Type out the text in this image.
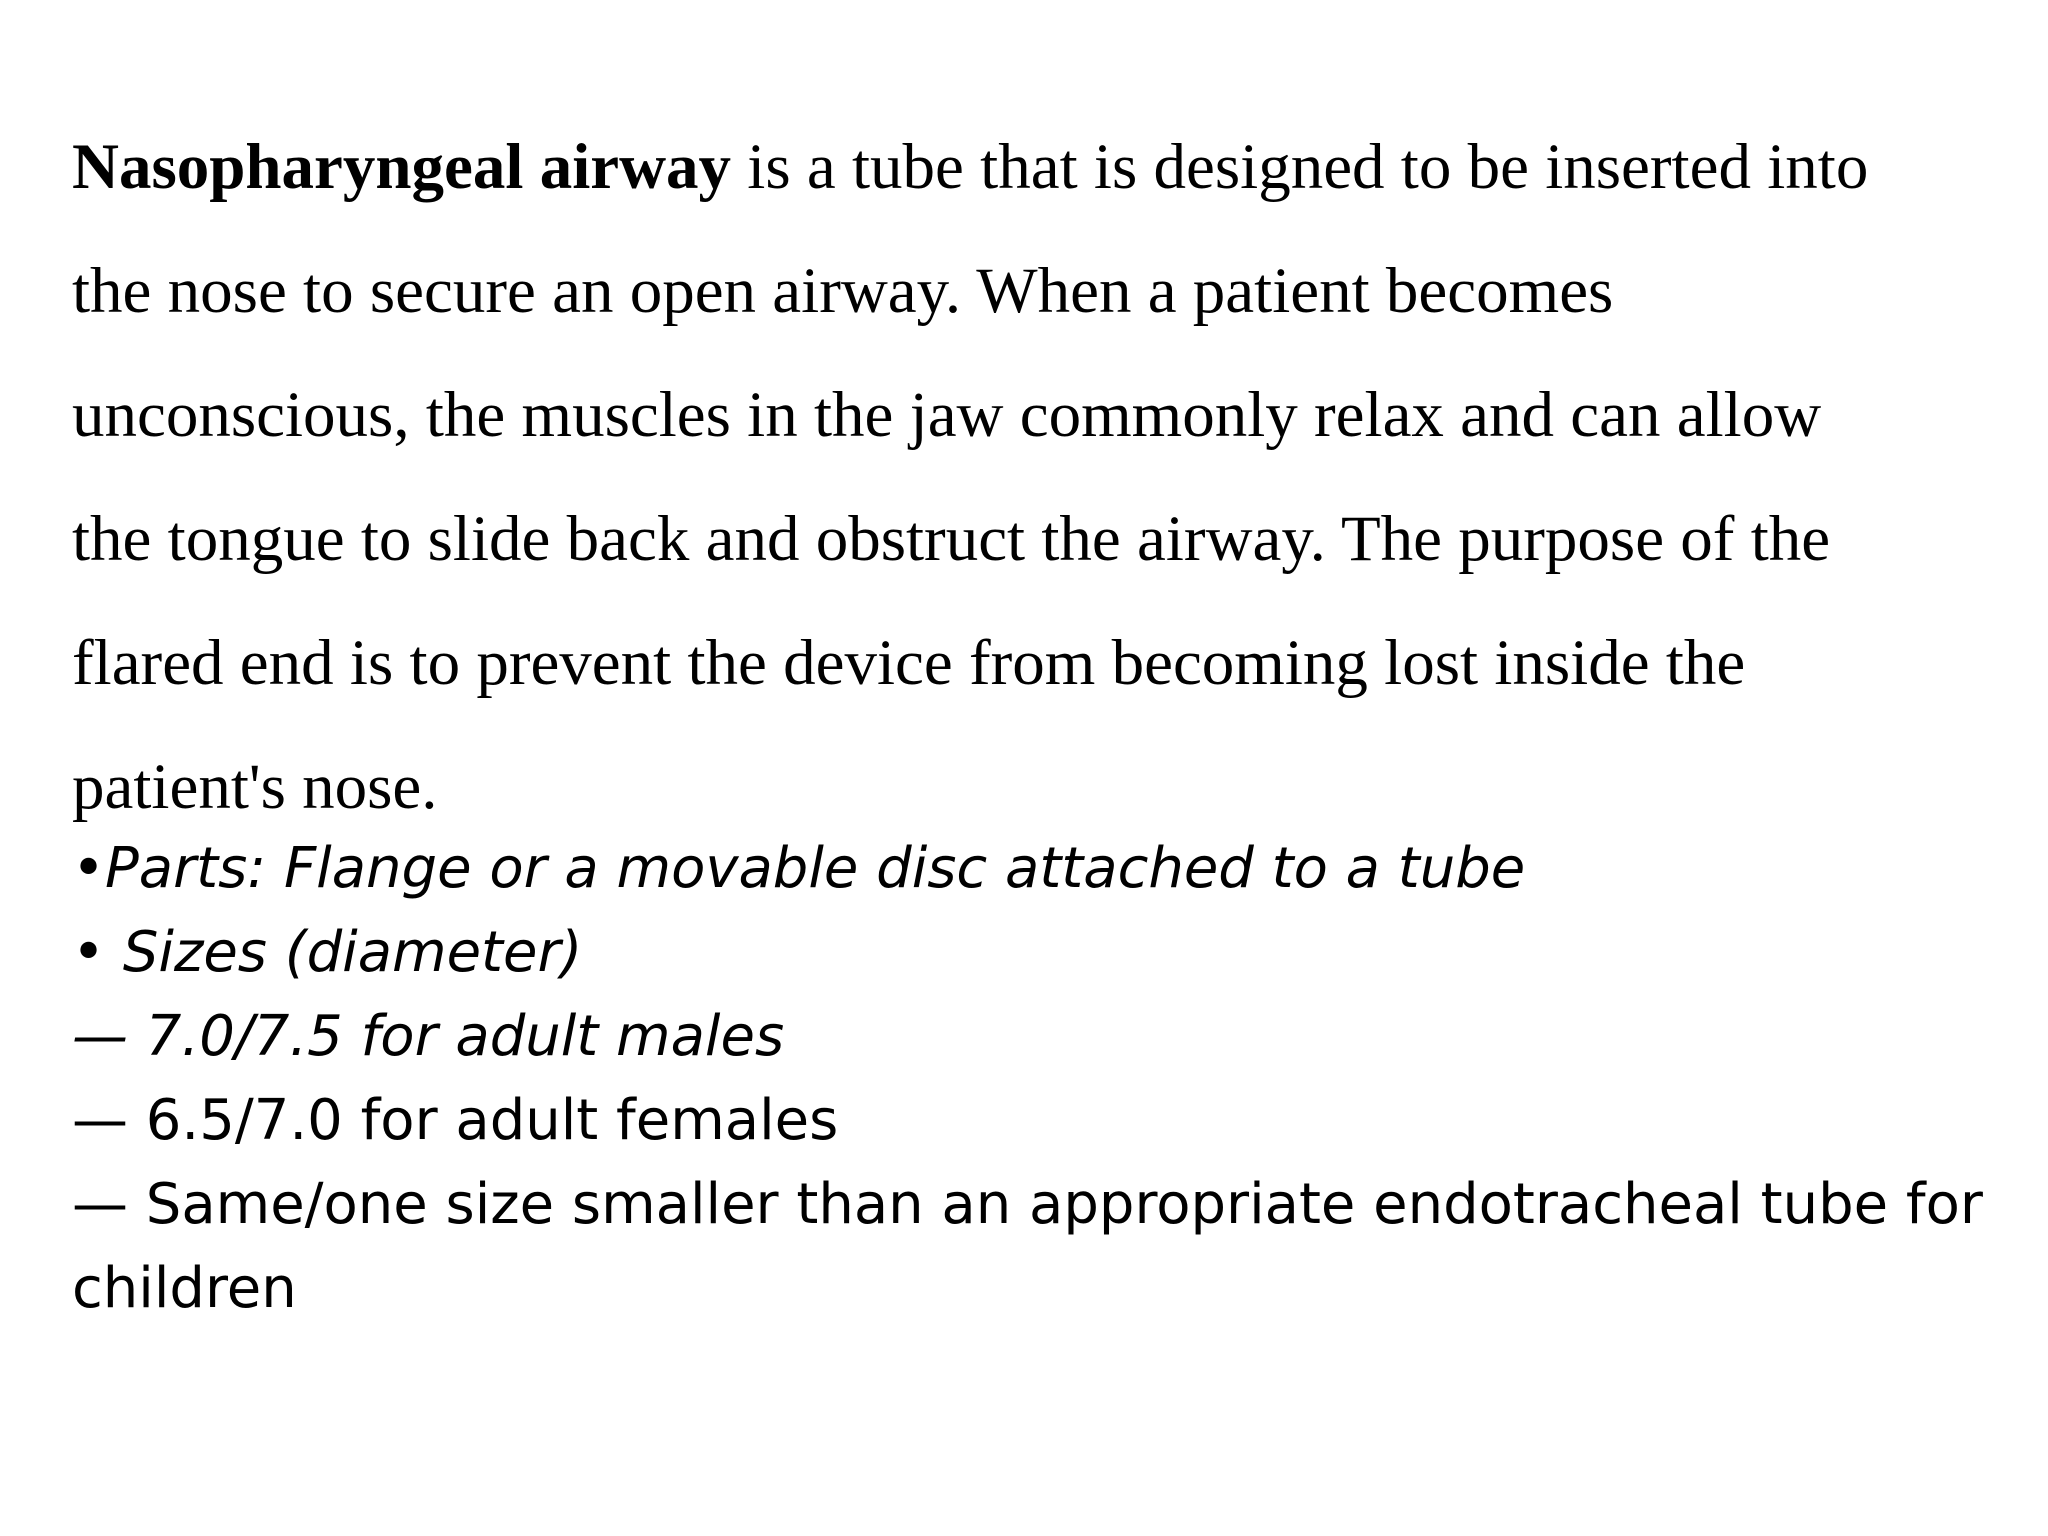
Nasopharyngeal airway is a tube that is designed to be inserted into
the nose to secure an open airway. When a patient becomes
unconscious, the muscles in the jaw commonly relax and can allow
the tongue to slide back and obstruct the airway. The purpose of the
flared end is to prevent the device from becoming lost inside the
patient's nose.

•Parts: Flange or a movable disc attached to a tube
• Sizes (diameter)
— 7.0/7.5 for adult males
— 6.5/7.0 for adult females
— Same/one size smaller than an appropriate endotracheal tube for
children
